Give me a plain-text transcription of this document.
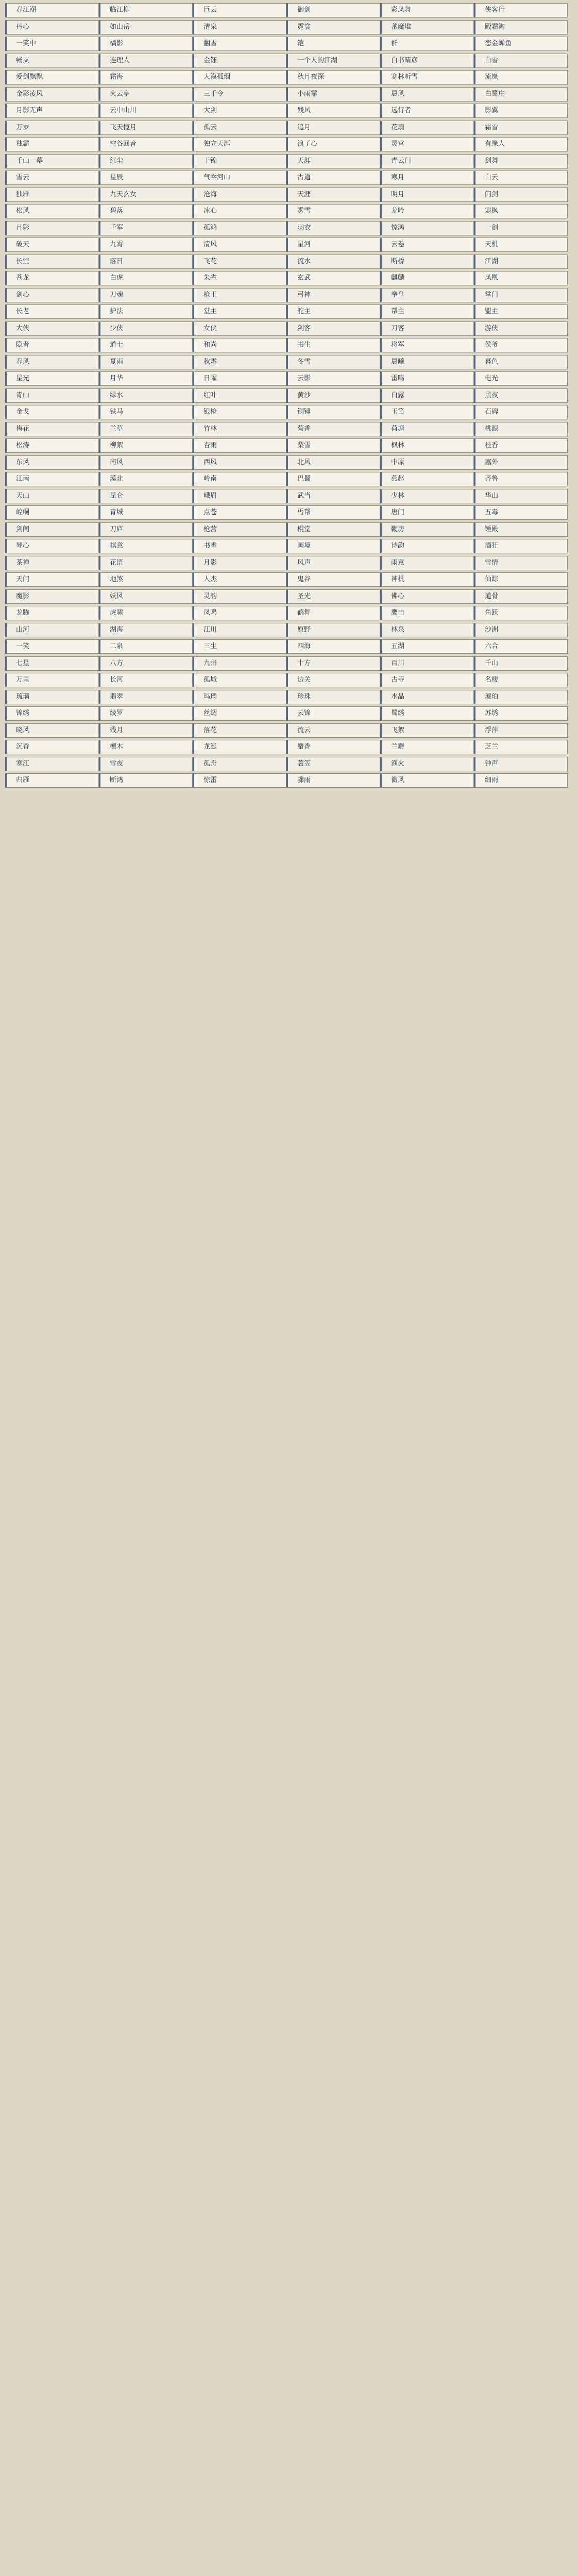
春江潮	临江柳	巨云	御剑	彩凤舞	侠客行
丹心	如山岳	清泉	霓裳	蕃魔堆	殿霜淘
一笑中	橘影	翻雪	铠	群	恋金蝉鱼
畅岚	连理人	金钰	一个人的江湖	白书晴彦	白雪
爱剑飘飘	霜海	大漠孤烟	秋月夜深	寒林听雪	流岚
金影凌风	火云亭	三千令	小雨霏	晨风	白鹭庄
月影无声	云中山川	大剑	残风	远行者	影翼
万岁	飞天揽月	孤云	追月	花扇	霜雪
独霸	空谷回音	独立天涯	浪子心	灵宫	有缘人
千山一幕	红尘	干锦	天涯	青云门	剑舞
雪云	星辰	气吞河山	古道	寒月	白云
独雁	九天玄女	沧海	天涯	明月	问剑
松风	碧落	冰心	雾雪	龙吟	寒枫
月影	千军	孤鸿	羽衣	惊鸿	一剑
破天	九霄	清风	星河	云卷	天机
长空	落日	飞花	流水	断桥	江湖
苍龙	白虎	朱雀	玄武	麒麟	凤凰
剑心	刀魂	枪王	弓神	拳皇	掌门
长老	护法	堂主	舵主	帮主	盟主
大侠	少侠	女侠	剑客	刀客	游侠
隐者	道士	和尚	书生	将军	侯爷
春风	夏雨	秋霜	冬雪	晨曦	暮色
星光	月华	日曜	云影	雷鸣	电光
青山	绿水	红叶	黄沙	白露	黑夜
金戈	铁马	银枪	铜锤	玉笛	石碑
梅花	兰草	竹林	菊香	荷塘	桃源
松涛	柳絮	杏雨	梨雪	枫林	桂香
东风	南风	西风	北风	中原	塞外
江南	漠北	岭南	巴蜀	燕赵	齐鲁
天山	昆仑	峨眉	武当	少林	华山
崆峒	青城	点苍	丐帮	唐门	五毒
剑阁	刀庐	枪营	棍堂	鞭房	锤殿
琴心	棋意	书香	画境	诗韵	酒狂
茶禅	花语	月影	风声	雨意	雪情
天问	地煞	人杰	鬼谷	神机	仙踪
魔影	妖风	灵韵	圣光	佛心	道骨
龙腾	虎啸	凤鸣	鹤舞	鹰击	鱼跃
山河	湖海	江川	原野	林泉	沙洲
一笑	二泉	三生	四海	五湖	六合
七星	八方	九州	十方	百川	千山
万里	长河	孤城	边关	古寺	名楼
琉璃	翡翠	玛瑙	珍珠	水晶	琥珀
锦绣	绫罗	丝绸	云锦	蜀绣	苏绣
晓风	残月	落花	流云	飞絮	浮萍
沉香	檀木	龙涎	麝香	兰麝	芝兰
寒江	雪夜	孤舟	蓑笠	渔火	钟声
归雁	断鸿	惊雷	骤雨	微风	细雨
